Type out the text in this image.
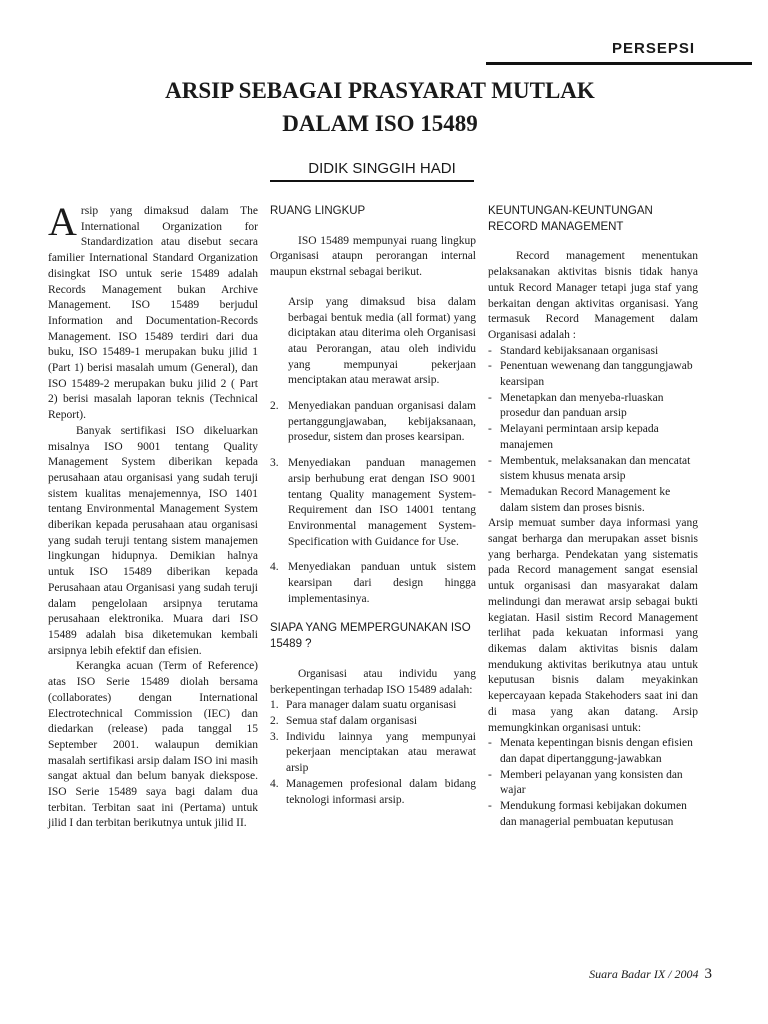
PERSEPSI
ARSIP SEBAGAI PRASYARAT MUTLAK
DALAM ISO 15489
DIDIK SINGGIH HADI

Arsip yang dimaksud dalam The International Organization for Standardization atau disebut secara familier International Standard Organization disingkat ISO untuk serie 15489 adalah Records Management bukan Archive Management. ISO 15489 berjudul Information and Documentation-Records Management. ISO 15489 terdiri dari dua buku, ISO 15489-1 merupakan buku jilid 1 (Part 1) berisi masalah umum (General), dan ISO 15489-2 merupakan buku jilid 2 ( Part 2) berisi masalah laporan teknis (Technical Report).

Banyak sertifikasi ISO dikeluarkan misalnya ISO 9001 tentang Quality Management System diberikan kepada perusahaan atau organisasi yang sudah teruji sistem kualitas menajemennya, ISO 1401 tentang Environmental Management System diberikan kepada perusahaan atau organisasi yang sudah teruji tentang sistem manajemen lingkungan hidupnya. Demikian halnya untuk ISO 15489 diberikan kepada Perusahaan atau Organisasi yang sudah teruji dalam pengelolaan arsipnya terutama perusahaan elektronika. Muara dari ISO 15489 adalah bisa diketemukan kembali arsipnya lebih efektif dan efisien.

Kerangka acuan (Term of Reference) atas ISO Serie 15489 diolah bersama (collaborates) dengan International Electrotechnical Commission (IEC) dan diedarkan (release) pada tanggal 15 September 2001. walaupun demikian masalah sertifikasi arsip dalam ISO ini masih sangat aktual dan belum banyak diekspose. ISO Serie 15489 saya bagi dalam dua terbitan. Terbitan saat ini (Pertama) untuk jilid I dan terbitan berikutnya untuk jilid II.

RUANG LINGKUP

ISO 15489 mempunyai ruang lingkup Organisasi ataupn perorangan internal maupun ekstrnal sebagai berikut.

Arsip yang dimaksud bisa dalam berbagai bentuk media (all format) yang diciptakan atau diterima oleh Organisasi atau Perorangan, atau oleh individu yang mempunyai pekerjaan menciptakan atau merawat arsip.
2. Menyediakan panduan organisasi dalam pertanggungjawaban, kebijaksanaan, prosedur, sistem dan proses kearsipan.
3. Menyediakan panduan managemen arsip berhubung erat dengan ISO 9001 tentang Quality management System-Requirement dan ISO 14001 tentang Environmental management System-Specification with Guidance for Use.
4. Menyediakan panduan untuk sistem kearsipan dari design hingga implementasinya.
SIAPA YANG MEMPERGUNAKAN ISO 15489 ?

Organisasi atau individu yang berkepentingan terhadap ISO 15489 adalah:

1. Para manager dalam suatu organisasi
2. Semua staf dalam organisasi
3. Individu lainnya yang mempunyai pekerjaan menciptakan atau merawat arsip
4. Managemen profesional dalam bidang teknologi informasi arsip.
KEUNTUNGAN-KEUNTUNGAN RECORD MANAGEMENT

Record management menentukan pelaksanakan aktivitas bisnis tidak hanya untuk Record Manager tetapi juga staf yang berkaitan dengan aktivitas organisasi. Yang termasuk Record Management dalam Organisasi adalah :

- Standard kebijaksanaan organisasi
- Penentuan wewenang dan tanggungjawab kearsipan
- Menetapkan dan menyeba-rluaskan prosedur dan panduan arsip
- Melayani permintaan arsip kepada manajemen
- Membentuk, melaksanakan dan mencatat sistem khusus menata arsip
- Memadukan Record Management ke dalam sistem dan proses bisnis.

Arsip memuat sumber daya informasi yang sangat berharga dan merupakan asset bisnis yang berharga. Pendekatan yang sistematis pada Record management sangat esensial untuk organisasi dan masyarakat dalam melindungi dan merawat arsip sebagai bukti kegiatan. Hasil sistim Record Management terlihat pada kekuatan informasi yang dikemas dalam aktivitas bisnis dalam mendukung aktivitas berikutnya atau untuk keputusan bisnis dalam meyakinkan kepercayaan kepada Stakehoders saat ini dan di masa yang akan datang. Arsip memungkinkan organisasi untuk:

- Menata kepentingan bisnis dengan efisien dan dapat dipertanggung-jawabkan
- Memberi pelayanan yang konsisten dan wajar
- Mendukung formasi kebijakan dokumen dan managerial pembuatan keputusan
Suara Badar IX / 2004 3
